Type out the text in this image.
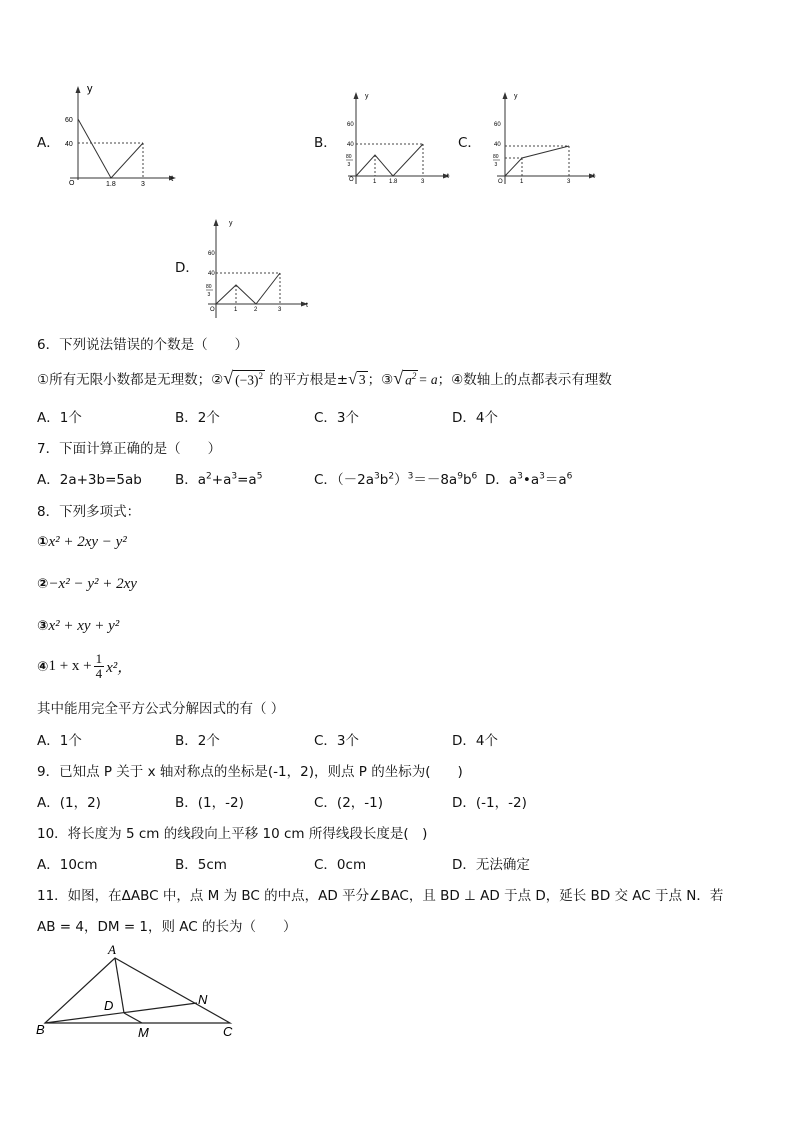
A．
y
t
O
60
40
1.8	3
B．
y
t
O
60
40
80
3
1 1.8	3
C．
y
t
O
60
40
80
3
1	3
D．
y
t
O
60
40
80
3
1	2	3
6．下列说法错误的个数是（　　）
①所有无限小数都是无理数；②√ $(-3)^2$ 的平方根是±√ 3 ；③√ $a^2 = a$；④数轴上的点都表示有理数
A．1个	B．2个	C．3个	D．4个
7．下面计算正确的是（　　）
A．2a+3b=5ab B．$a^2+a^3=a^5$	C．$(-2a^3b^2)^3=-8a^9b^6$ D．$a^3•a^3=a^6$
8．下列多项式：
①x² + 2xy − y²
②−x² − y² + 2xy
③x² + xy + y²
④ $1 + x + \frac{1}{4} x^2$，
其中能用完全平方公式分解因式的有（ ）
A．1个	B．2个	C．3个	D．4个
9．已知点 P 关于 x 轴对称点的坐标是(-1，2)，则点 P 的坐标为(　　)
A．(1，2)	B．(1，-2)	C．(2，-1)	D．(-1，-2)
10．将长度为 5 cm 的线段向上平移 10 cm 所得线段长度是(　)
A．10cm	B．5cm	C．0cm	D．无法确定
11．如图，在ΔABC 中，点 M 为 BC 的中点，AD 平分∠BAC，且 BD ⊥ AD 于点 D，延长 BD 交 AC 于点 N．若
AB = 4，DM = 1，则 AC 的长为（　　）
A
B	C
D
M
N
